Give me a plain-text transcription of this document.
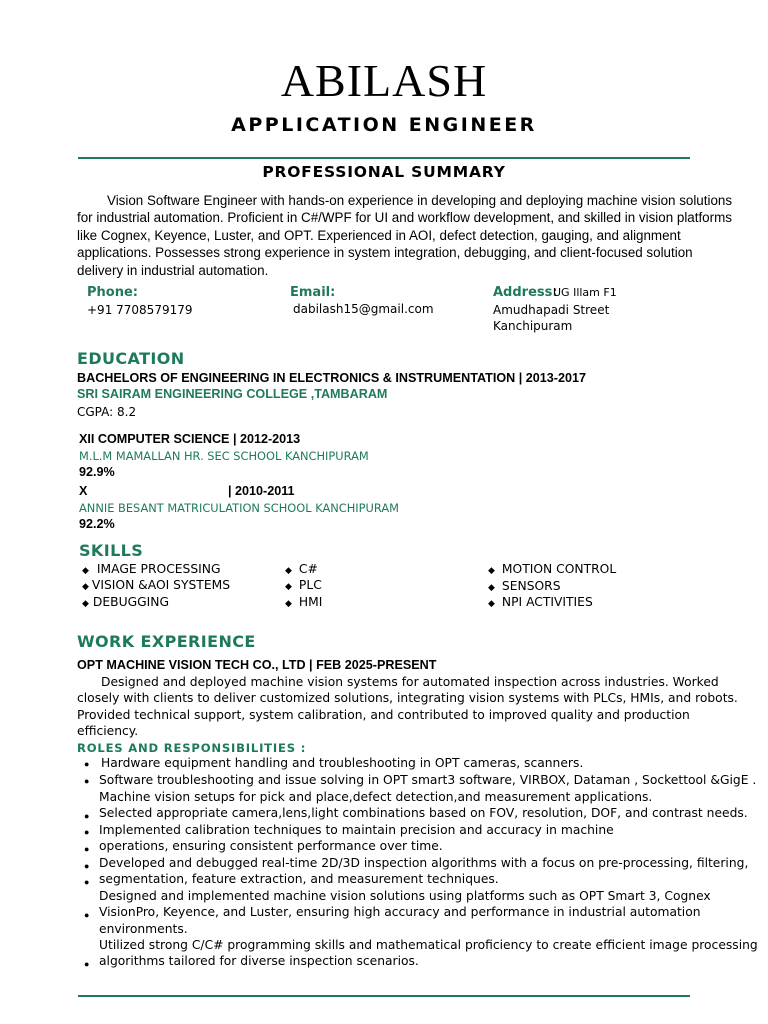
ABILASH
APPLICATION ENGINEER
PROFESSIONAL SUMMARY
Vision Software Engineer with hands-on experience in developing and deploying machine vision solutions for industrial automation. Proficient in C#/WPF for UI and workflow development, and skilled in vision platforms like Cognex, Keyence, Luster, and OPT. Experienced in AOI, defect detection, gauging, and alignment applications. Possesses strong experience in system integration, debugging, and client-focused solution delivery in industrial automation.
Phone:
+91 7708579179
Email:
dabilash15@gmail.com
Address:
UG Illam F1
Amudhapadi Street
Kanchipuram
EDUCATION
BACHELORS OF ENGINEERING IN ELECTRONICS & INSTRUMENTATION | 2013-2017
SRI SAIRAM ENGINEERING COLLEGE ,TAMBARAM
CGPA: 8.2
XII COMPUTER SCIENCE | 2012-2013
M.L.M MAMALLAN HR. SEC SCHOOL KANCHIPURAM
92.9%
X	| 2010-2011
ANNIE BESANT MATRICULATION SCHOOL KANCHIPURAM
92.2%
SKILLS
◆ IMAGE PROCESSING
◆ VISION &AOI SYSTEMS
◆ DEBUGGING
◆ C#
◆ PLC
◆ HMI
◆ MOTION CONTROL
◆ SENSORS
◆ NPI ACTIVITIES
WORK EXPERIENCE
OPT MACHINE VISION TECH CO., LTD | FEB 2025-PRESENT
Designed and deployed machine vision systems for automated inspection across industries. Worked closely with clients to deliver customized solutions, integrating vision systems with PLCs, HMIs, and robots. Provided technical support, system calibration, and contributed to improved quality and production efficiency.
ROLES AND RESPONSIBILITIES :
● Hardware equipment handling and troubleshooting in OPT cameras, scanners.
● Software troubleshooting and issue solving in OPT smart3 software, VIRBOX, Dataman , Sockettool &GigE .
Machine vision setups for pick and place,defect detection,and measurement applications.
● Selected appropriate camera,lens,light combinations based on FOV, resolution, DOF, and contrast needs.
● Implemented calibration techniques to maintain precision and accuracy in machine
● operations, ensuring consistent performance over time.
● Developed and debugged real-time 2D/3D inspection algorithms with a focus on pre-processing, filtering,
● segmentation, feature extraction, and measurement techniques.
Designed and implemented machine vision solutions using platforms such as OPT Smart 3, Cognex
● VisionPro, Keyence, and Luster, ensuring high accuracy and performance in industrial automation
environments.
Utilized strong C/C# programming skills and mathematical proficiency to create efficient image processing
● algorithms tailored for diverse inspection scenarios.
